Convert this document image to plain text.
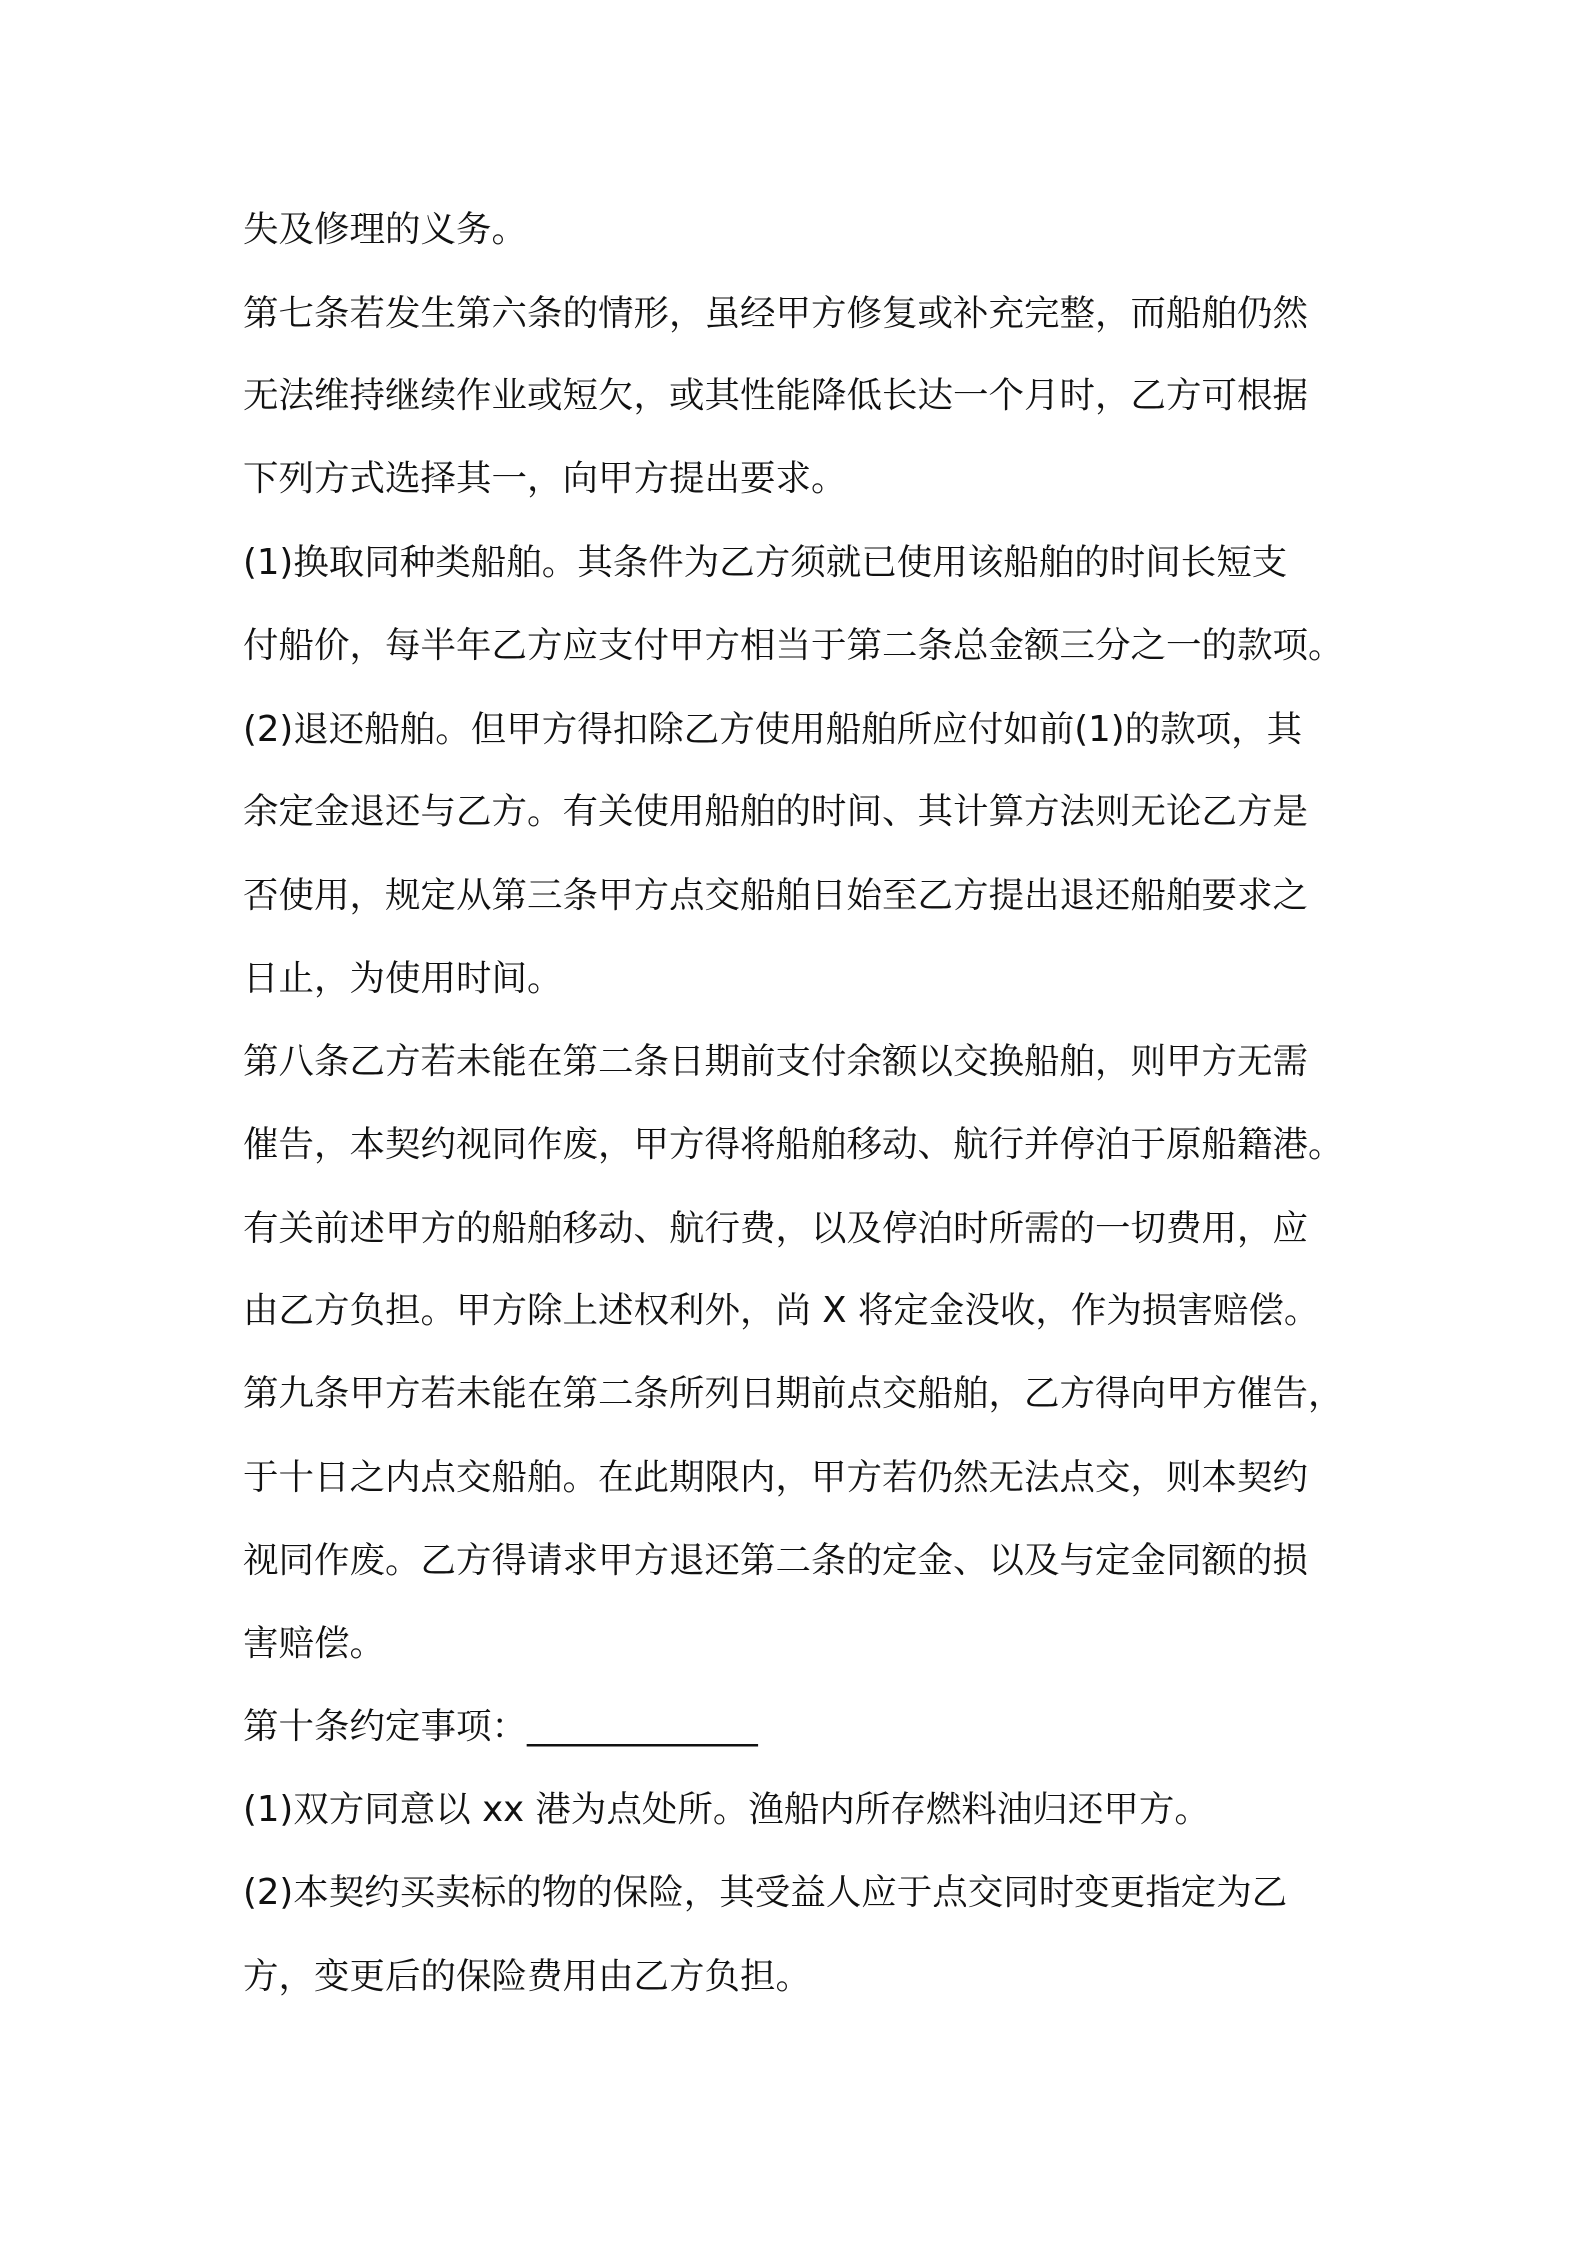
失及修理的义务。
第七条若发生第六条的情形，虽经甲方修复或补充完整，而船舶仍然
无法维持继续作业或短欠，或其性能降低长达一个月时，乙方可根据
下列方式选择其一，向甲方提出要求。
(1)换取同种类船舶。其条件为乙方须就已使用该船舶的时间长短支
付船价，每半年乙方应支付甲方相当于第二条总金额三分之一的款项。
(2)退还船舶。但甲方得扣除乙方使用船舶所应付如前(1)的款项，其
余定金退还与乙方。有关使用船舶的时间、其计算方法则无论乙方是
否使用，规定从第三条甲方点交船舶日始至乙方提出退还船舶要求之
日止，为使用时间。
第八条乙方若未能在第二条日期前支付余额以交换船舶，则甲方无需
催告，本契约视同作废，甲方得将船舶移动、航行并停泊于原船籍港。
有关前述甲方的船舶移动、航行费，以及停泊时所需的一切费用，应
由乙方负担。甲方除上述权利外，尚 X 将定金没收，作为损害赔偿。
第九条甲方若未能在第二条所列日期前点交船舶，乙方得向甲方催告，
于十日之内点交船舶。在此期限内，甲方若仍然无法点交，则本契约
视同作废。乙方得请求甲方退还第二条的定金、以及与定金同额的损
害赔偿。
第十条约定事项：_____________
(1)双方同意以 xx 港为点处所。渔船内所存燃料油归还甲方。
(2)本契约买卖标的物的保险，其受益人应于点交同时变更指定为乙
方，变更后的保险费用由乙方负担。
